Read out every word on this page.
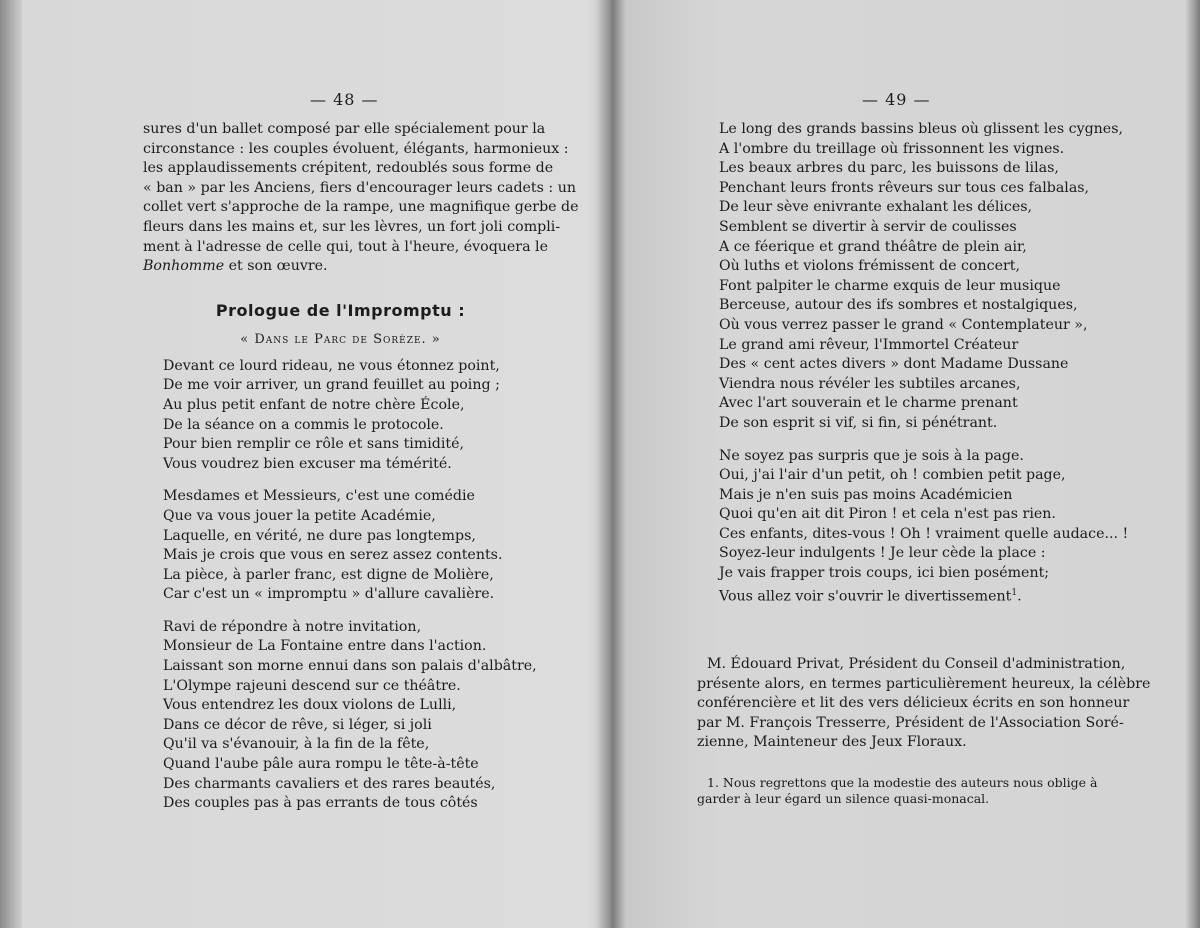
— 48 —	— 49 —
sures d'un ballet composé par elle spécialement pour la
circonstance : les couples évoluent, élégants, harmonieux :
les applaudissements crépitent, redoublés sous forme de
« ban » par les Anciens, fiers d'encourager leurs cadets : un
collet vert s'approche de la rampe, une magnifique gerbe de
fleurs dans les mains et, sur les lèvres, un fort joli compli-
ment à l'adresse de celle qui, tout à l'heure, évoquera le
Bonhomme et son œuvre.
Prologue de l'Impromptu :
« Dans le Parc de Sorèze. »
Devant ce lourd rideau, ne vous étonnez point,
De me voir arriver, un grand feuillet au poing ;
Au plus petit enfant de notre chère École,
De la séance on a commis le protocole.
Pour bien remplir ce rôle et sans timidité,
Vous voudrez bien excuser ma témérité.
Mesdames et Messieurs, c'est une comédie
Que va vous jouer la petite Académie,
Laquelle, en vérité, ne dure pas longtemps,
Mais je crois que vous en serez assez contents.
La pièce, à parler franc, est digne de Molière,
Car c'est un « impromptu » d'allure cavalière.
Ravi de répondre à notre invitation,
Monsieur de La Fontaine entre dans l'action.
Laissant son morne ennui dans son palais d'albâtre,
L'Olympe rajeuni descend sur ce théâtre.
Vous entendrez les doux violons de Lulli,
Dans ce décor de rêve, si léger, si joli
Qu'il va s'évanouir, à la fin de la fête,
Quand l'aube pâle aura rompu le tête-à-tête
Des charmants cavaliers et des rares beautés,
Des couples pas à pas errants de tous côtés
Le long des grands bassins bleus où glissent les cygnes,
A l'ombre du treillage où frissonnent les vignes.
Les beaux arbres du parc, les buissons de lilas,
Penchant leurs fronts rêveurs sur tous ces falbalas,
De leur sève enivrante exhalant les délices,
Semblent se divertir à servir de coulisses
A ce féerique et grand théâtre de plein air,
Où luths et violons frémissent de concert,
Font palpiter le charme exquis de leur musique
Berceuse, autour des ifs sombres et nostalgiques,
Où vous verrez passer le grand « Contemplateur »,
Le grand ami rêveur, l'Immortel Créateur
Des « cent actes divers » dont Madame Dussane
Viendra nous révéler les subtiles arcanes,
Avec l'art souverain et le charme prenant
De son esprit si vif, si fin, si pénétrant.
Ne soyez pas surpris que je sois à la page.
Oui, j'ai l'air d'un petit, oh ! combien petit page,
Mais je n'en suis pas moins Académicien
Quoi qu'en ait dit Piron ! et cela n'est pas rien.
Ces enfants, dites-vous ! Oh ! vraiment quelle audace... !
Soyez-leur indulgents ! Je leur cède la place :
Je vais frapper trois coups, ici bien posément;
Vous allez voir s'ouvrir le divertissement$^1$.
M. Édouard Privat, Président du Conseil d'administration,
présente alors, en termes particulièrement heureux, la célèbre
conférencière et lit des vers délicieux écrits en son honneur
par M. François Tresserre, Président de l'Association Soré-
zienne, Mainteneur des Jeux Floraux.
1. Nous regrettons que la modestie des auteurs nous oblige à
garder à leur égard un silence quasi-monacal.
